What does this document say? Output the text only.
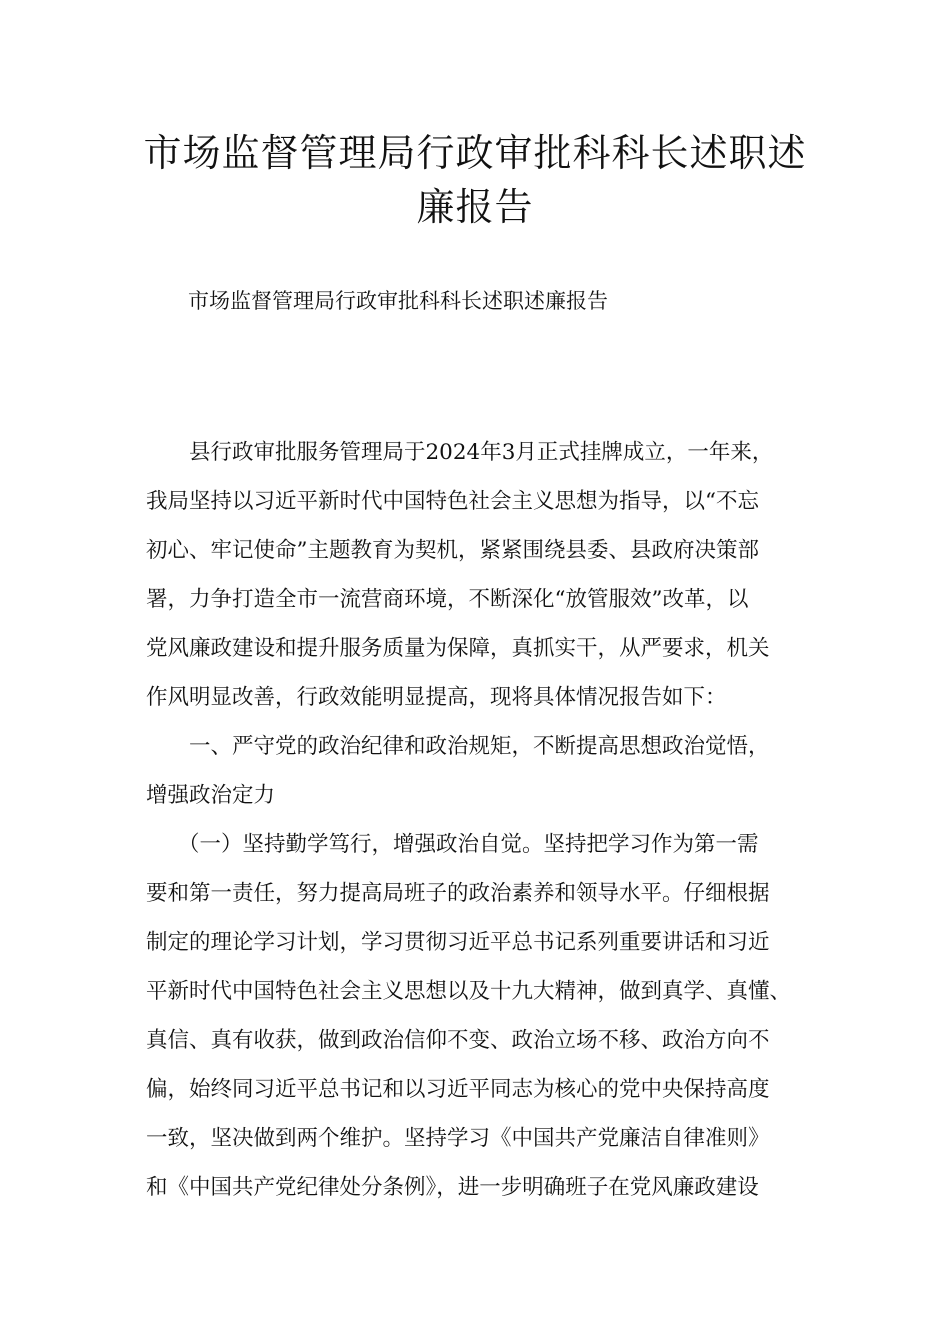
市场监督管理局行政审批科科长述职述
廉报告

市场监督管理局行政审批科科长述职述廉报告

县行政审批服务管理局于2024年3月正式挂牌成立，一年来，
我局坚持以习近平新时代中国特色社会主义思想为指导，以“不忘
初心、牢记使命”主题教育为契机，紧紧围绕县委、县政府决策部
署，力争打造全市一流营商环境，不断深化“放管服效”改革，以
党风廉政建设和提升服务质量为保障，真抓实干，从严要求，机关
作风明显改善，行政效能明显提高，现将具体情况报告如下：
一、严守党的政治纪律和政治规矩，不断提高思想政治觉悟，
增强政治定力
（一）坚持勤学笃行，增强政治自觉。坚持把学习作为第一需
要和第一责任，努力提高局班子的政治素养和领导水平。仔细根据
制定的理论学习计划，学习贯彻习近平总书记系列重要讲话和习近
平新时代中国特色社会主义思想以及十九大精神，做到真学、真懂、
真信、真有收获，做到政治信仰不变、政治立场不移、政治方向不
偏，始终同习近平总书记和以习近平同志为核心的党中央保持高度
一致，坚决做到两个维护。坚持学习《中国共产党廉洁自律准则》
和《中国共产党纪律处分条例》，进一步明确班子在党风廉政建设
